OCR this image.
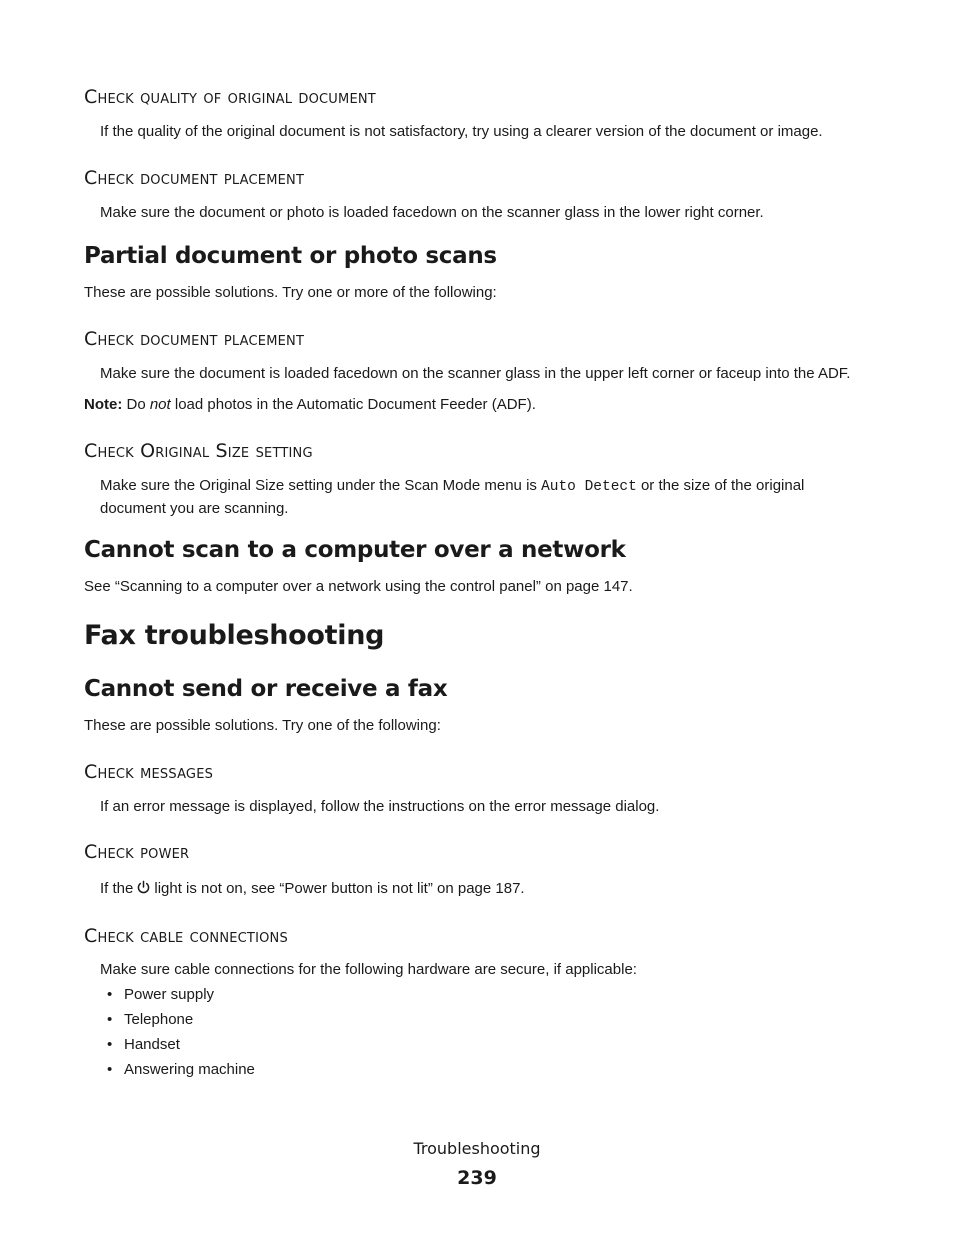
Check quality of original document
If the quality of the original document is not satisfactory, try using a clearer version of the document or image.
Check document placement
Make sure the document or photo is loaded facedown on the scanner glass in the lower right corner.
Partial document or photo scans
These are possible solutions. Try one or more of the following:
Check document placement
Make sure the document is loaded facedown on the scanner glass in the upper left corner or faceup into the ADF.
Note: Do not load photos in the Automatic Document Feeder (ADF).
Check Original Size setting
Make sure the Original Size setting under the Scan Mode menu is Auto Detect or the size of the original document you are scanning.
Cannot scan to a computer over a network
See “Scanning to a computer over a network using the control panel” on page 147.
Fax troubleshooting
Cannot send or receive a fax
These are possible solutions. Try one of the following:
Check messages
If an error message is displayed, follow the instructions on the error message dialog.
Check power
If the light is not on, see “Power button is not lit” on page 187.
Check cable connections
Make sure cable connections for the following hardware are secure, if applicable:
• Power supply
• Telephone
• Handset
• Answering machine
Troubleshooting
239
